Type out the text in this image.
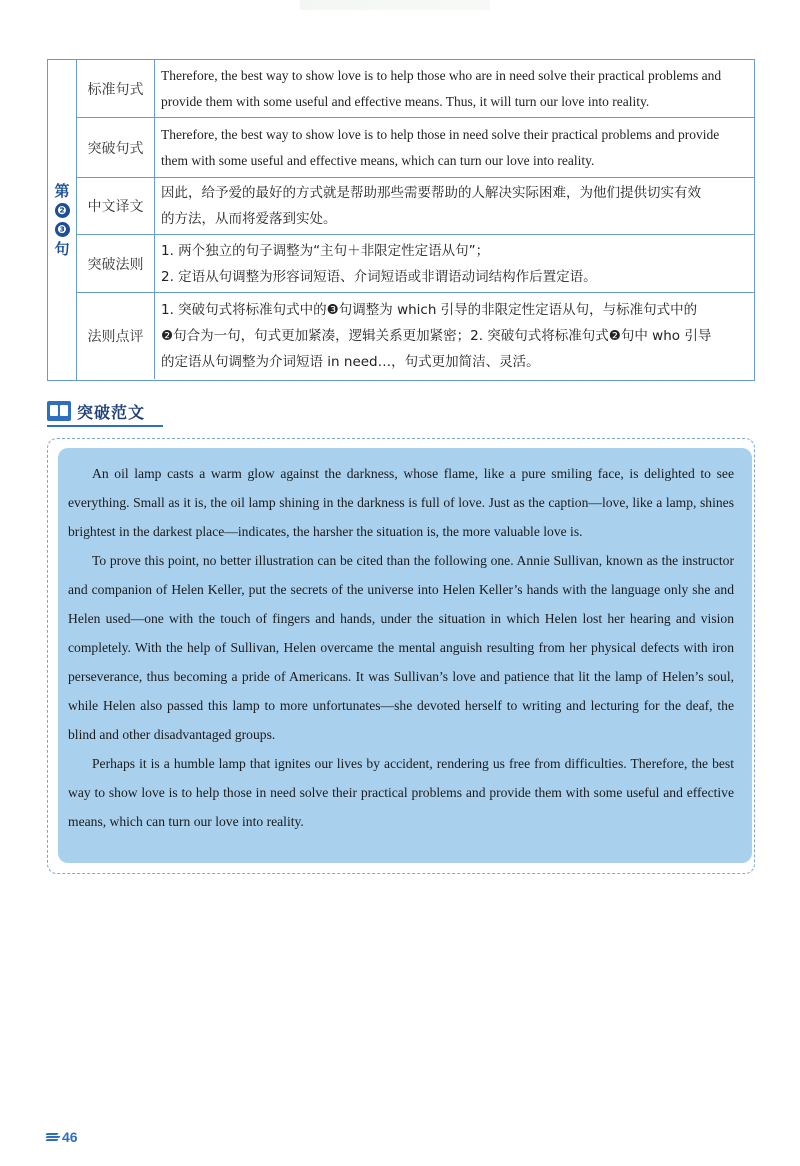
第
❷
❸
句
标准句式
Therefore, the best way to show love is to help those who are in need solve their practical problems and
provide them with some useful and effective means. Thus, it will turn our love into reality.
突破句式
Therefore, the best way to show love is to help those in need solve their practical problems and provide
them with some useful and effective means, which can turn our love into reality.
中文译文
因此，给予爱的最好的方式就是帮助那些需要帮助的人解决实际困难，为他们提供切实有效
的方法，从而将爱落到实处。
突破法则
1. 两个独立的句子调整为“主句＋非限定性定语从句”；
2. 定语从句调整为形容词短语、介词短语或非谓语动词结构作后置定语。
法则点评
1. 突破句式将标准句式中的❸句调整为 which 引导的非限定性定语从句，与标准句式中的
❷句合为一句，句式更加紧凑，逻辑关系更加紧密；2. 突破句式将标准句式❷句中 who 引导
的定语从句调整为介词短语 in need…，句式更加简洁、灵活。
突破范文

An oil lamp casts a warm glow against the darkness, whose flame, like a pure smiling face, is delighted to see everything. Small as it is, the oil lamp shining in the darkness is full of love. Just as the caption—love, like a lamp, shines brightest in the darkest place—indicates, the harsher the situation is, the more valuable love is.

To prove this point, no better illustration can be cited than the following one. Annie Sullivan, known as the instructor and companion of Helen Keller, put the secrets of the universe into Helen Keller’s hands with the language only she and Helen used—one with the touch of fingers and hands, under the situation in which Helen lost her hearing and vision completely. With the help of Sullivan, Helen overcame the mental anguish resulting from her physical defects with iron perseverance, thus becoming a pride of Americans. It was Sullivan’s love and patience that lit the lamp of Helen’s soul, while Helen also passed this lamp to more unfortunates—she devoted herself to writing and lecturing for the deaf, the blind and other disadvantaged groups.

Perhaps it is a humble lamp that ignites our lives by accident, rendering us free from difficulties. Therefore, the best way to show love is to help those in need solve their practical problems and provide them with some useful and effective means, which can turn our love into reality.

46
